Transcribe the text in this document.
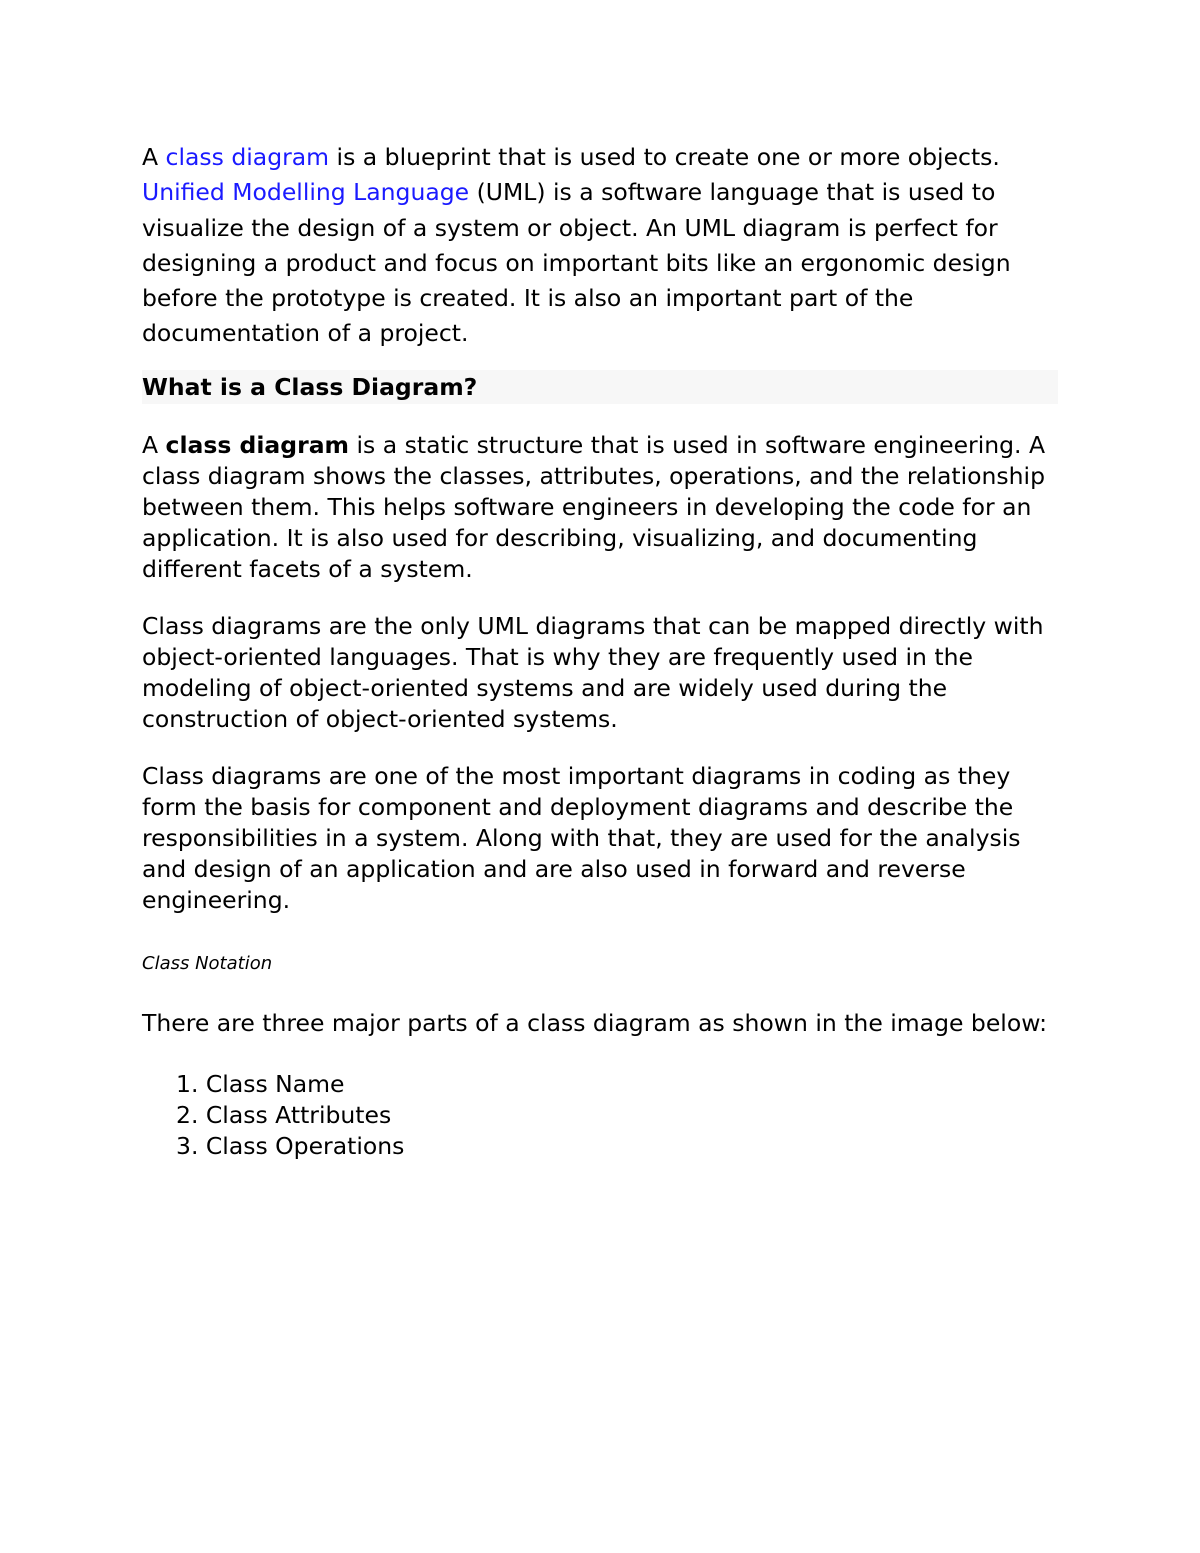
A class diagram is a blueprint that is used to create one or more objects. Unified Modelling Language (UML) is a software language that is used to visualize the design of a system or object. An UML diagram is perfect for designing a product and focus on important bits like an ergonomic design before the prototype is created. It is also an important part of the documentation of a project.

What is a Class Diagram?

A class diagram is a static structure that is used in software engineering. A class diagram shows the classes, attributes, operations, and the relationship between them. This helps software engineers in developing the code for an application. It is also used for describing, visualizing, and documenting different facets of a system.

Class diagrams are the only UML diagrams that can be mapped directly with object-oriented languages. That is why they are frequently used in the modeling of object-oriented systems and are widely used during the construction of object-oriented systems.

Class diagrams are one of the most important diagrams in coding as they form the basis for component and deployment diagrams and describe the responsibilities in a system. Along with that, they are used for the analysis and design of an application and are also used in forward and reverse engineering.

Class Notation

There are three major parts of a class diagram as shown in the image below:

1. Class Name
2. Class Attributes
3. Class Operations
